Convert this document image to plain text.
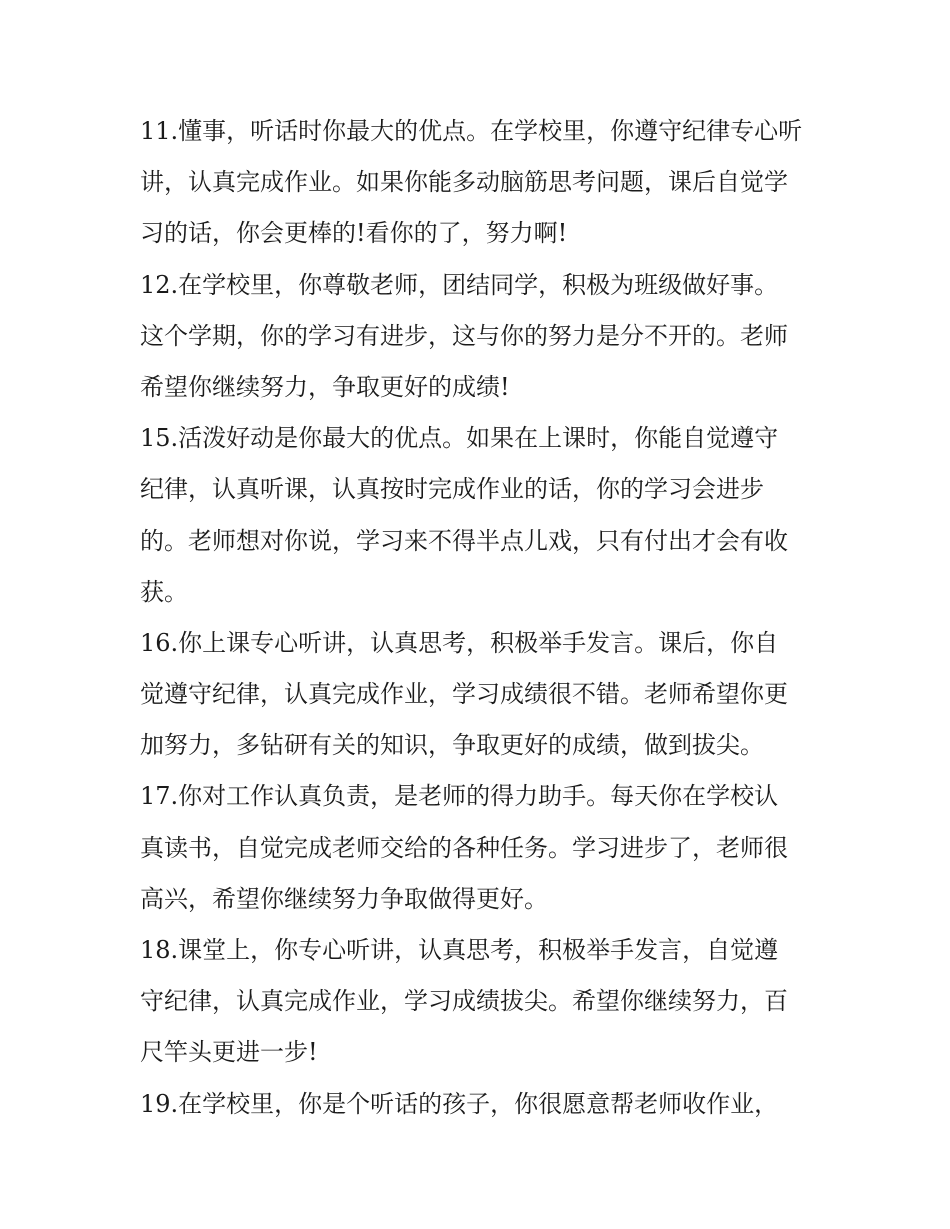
11.懂事，听话时你最大的优点。在学校里，你遵守纪律专心听
讲，认真完成作业。如果你能多动脑筋思考问题，课后自觉学
习的话，你会更棒的!看你的了，努力啊!

12.在学校里，你尊敬老师，团结同学，积极为班级做好事。
这个学期，你的学习有进步，这与你的努力是分不开的。老师
希望你继续努力，争取更好的成绩!

15.活泼好动是你最大的优点。如果在上课时，你能自觉遵守
纪律，认真听课，认真按时完成作业的话，你的学习会进步
的。老师想对你说，学习来不得半点儿戏，只有付出才会有收
获。

16.你上课专心听讲，认真思考，积极举手发言。课后，你自
觉遵守纪律，认真完成作业，学习成绩很不错。老师希望你更
加努力，多钻研有关的知识，争取更好的成绩，做到拔尖。

17.你对工作认真负责，是老师的得力助手。每天你在学校认
真读书，自觉完成老师交给的各种任务。学习进步了，老师很
高兴，希望你继续努力争取做得更好。

18.课堂上，你专心听讲，认真思考，积极举手发言，自觉遵
守纪律，认真完成作业，学习成绩拔尖。希望你继续努力，百
尺竿头更进一步!

19.在学校里，你是个听话的孩子，你很愿意帮老师收作业，
